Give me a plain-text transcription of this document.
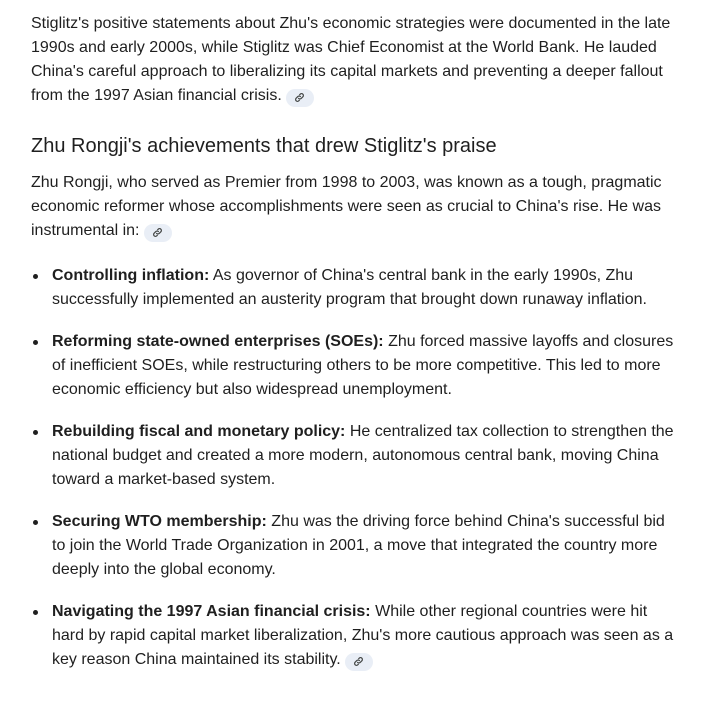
Stiglitz's positive statements about Zhu's economic strategies were documented in the late 1990s and early 2000s, while Stiglitz was Chief Economist at the World Bank. He lauded China's careful approach to liberalizing its capital markets and preventing a deeper fallout from the 1997 Asian financial crisis.

Zhu Rongji's achievements that drew Stiglitz's praise

Zhu Rongji, who served as Premier from 1998 to 2003, was known as a tough, pragmatic economic reformer whose accomplishments were seen as crucial to China's rise. He was instrumental in:

Controlling inflation: As governor of China's central bank in the early 1990s, Zhu successfully implemented an austerity program that brought down runaway inflation.
Reforming state-owned enterprises (SOEs): Zhu forced massive layoffs and closures of inefficient SOEs, while restructuring others to be more competitive. This led to more economic efficiency but also widespread unemployment.
Rebuilding fiscal and monetary policy: He centralized tax collection to strengthen the national budget and created a more modern, autonomous central bank, moving China toward a market-based system.
Securing WTO membership: Zhu was the driving force behind China's successful bid to join the World Trade Organization in 2001, a move that integrated the country more deeply into the global economy.
Navigating the 1997 Asian financial crisis: While other regional countries were hit hard by rapid capital market liberalization, Zhu's more cautious approach was seen as a key reason China maintained its stability.
